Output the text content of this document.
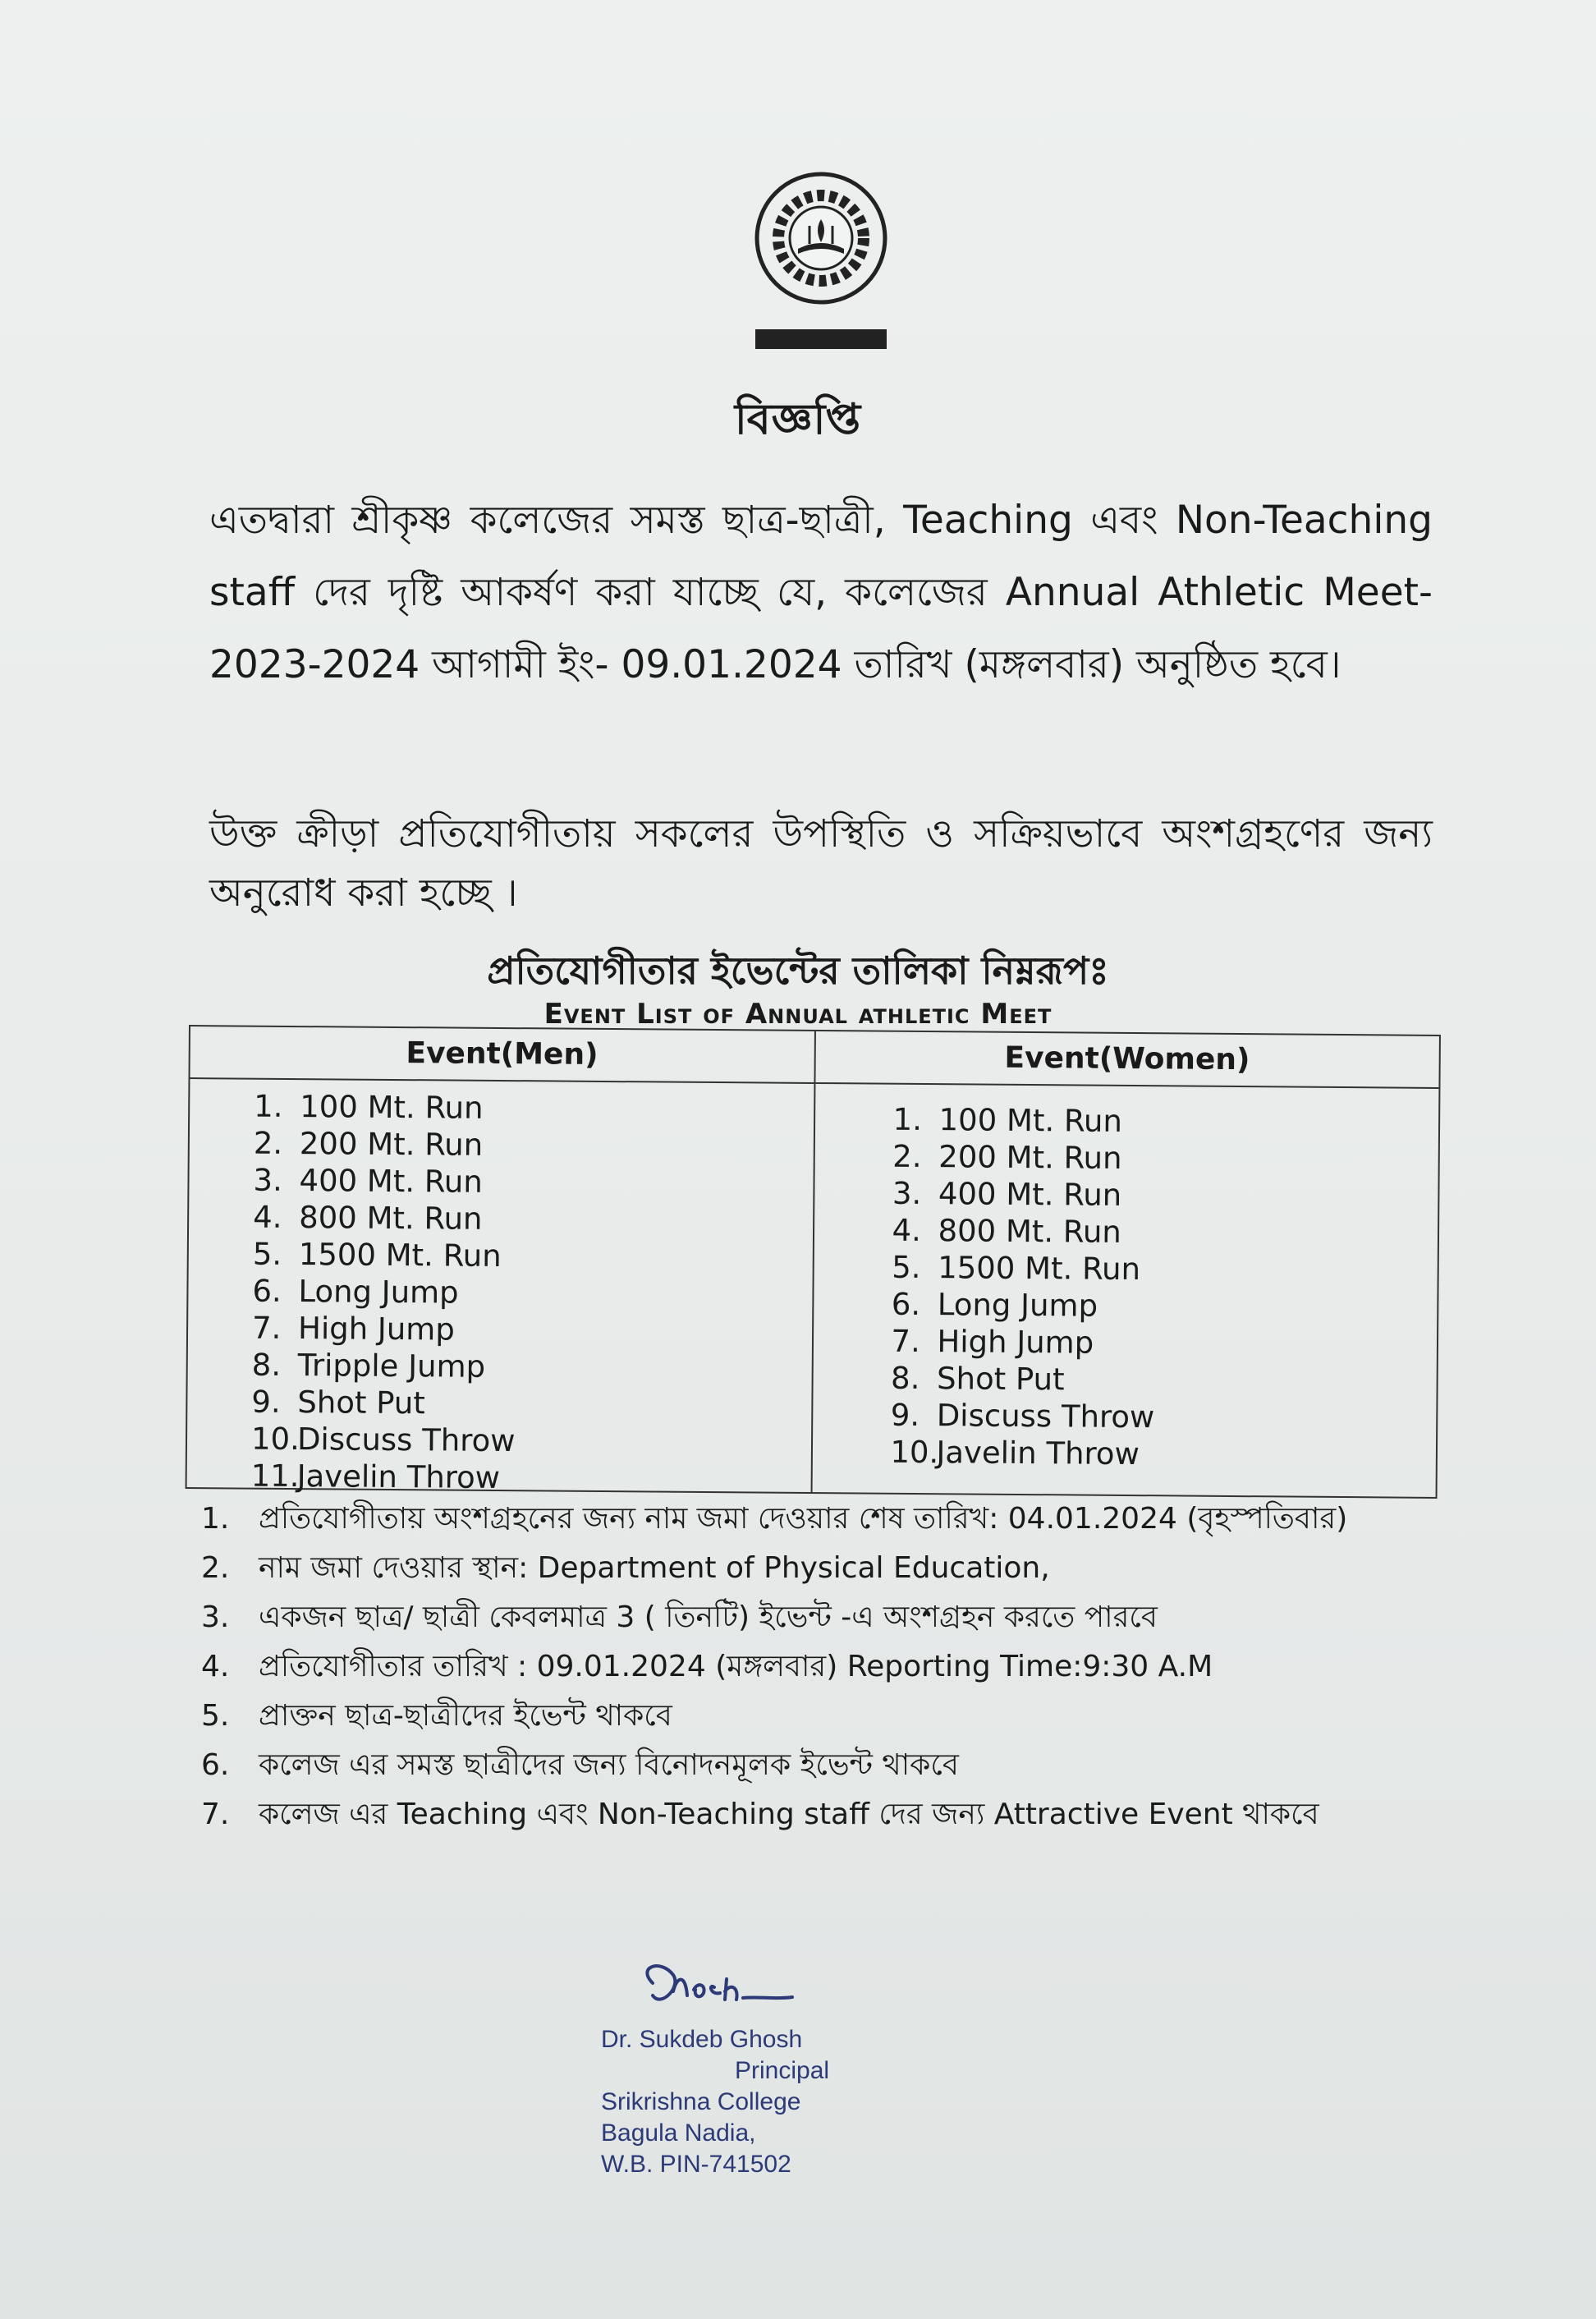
বিজ্ঞপ্তি
এতদ্বারা শ্রীকৃষ্ণ কলেজের সমস্ত ছাত্র-ছাত্রী, Teaching এবং Non-Teaching staff দের দৃষ্টি আকর্ষণ করা যাচ্ছে যে, কলেজের Annual Athletic Meet- 2023-2024 আগামী ইং- 09.01.2024 তারিখ (মঙ্গলবার) অনুষ্ঠিত হবে।
উক্ত ক্রীড়া প্রতিযোগীতায় সকলের উপস্থিতি ও সক্রিয়ভাবে অংশগ্রহণের জন্য অনুরোধ করা হচ্ছে ।
প্রতিযোগীতার ইভেন্টের তালিকা নিম্নরূপঃ
Event List of Annual athletic Meet
Event(Men)
1. 100 Mt. Run
2. 200 Mt. Run
3. 400 Mt. Run
4. 800 Mt. Run
5. 1500 Mt. Run
6. Long Jump
7. High Jump
8. Tripple Jump
9. Shot Put
10.Discuss Throw
11.Javelin Throw
Event(Women)
1. 100 Mt. Run
2. 200 Mt. Run
3. 400 Mt. Run
4. 800 Mt. Run
5. 1500 Mt. Run
6. Long Jump
7. High Jump
8. Shot Put
9. Discuss Throw
10.Javelin Throw
1. প্রতিযোগীতায় অংশগ্রহনের জন্য নাম জমা দেওয়ার শেষ তারিখ: 04.01.2024 (বৃহস্পতিবার)
2. নাম জমা দেওয়ার স্থান: Department of Physical Education,
3. একজন ছাত্র/ ছাত্রী কেবলমাত্র 3 ( তিনটি) ইভেন্ট -এ অংশগ্রহন করতে পারবে
4. প্রতিযোগীতার তারিখ : 09.01.2024 (মঙ্গলবার) Reporting Time:9:30 A.M
5. প্রাক্তন ছাত্র-ছাত্রীদের ইভেন্ট থাকবে
6. কলেজ এর সমস্ত ছাত্রীদের জন্য বিনোদনমূলক ইভেন্ট থাকবে
7. কলেজ এর Teaching এবং Non-Teaching staff দের জন্য Attractive Event থাকবে
Dr. Sukdeb Ghosh
Principal
Srikrishna College
Bagula Nadia,
W.B. PIN-741502
